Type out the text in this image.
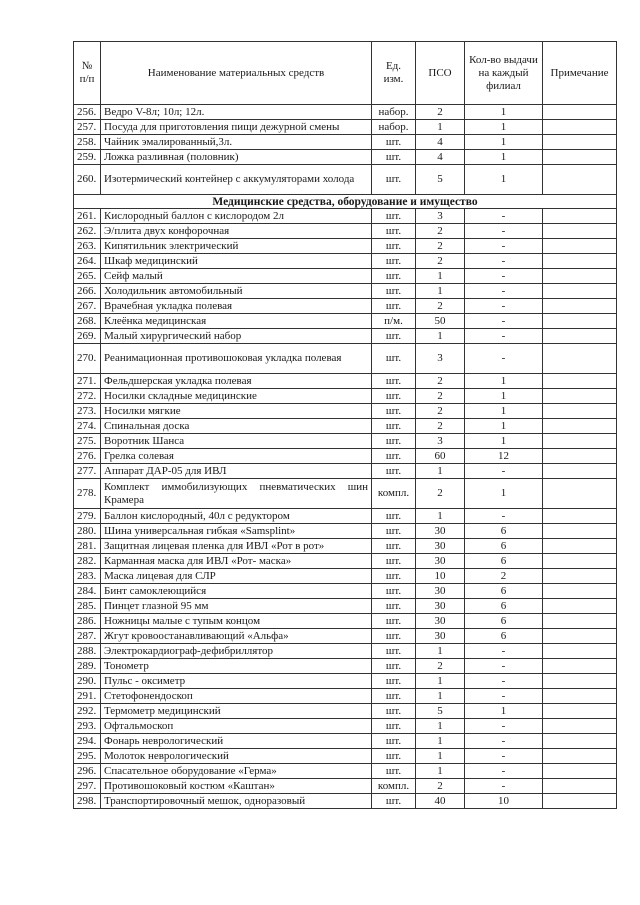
№ п/п	Наименование материальных средств	Ед. изм.	ПСО	Кол-во выдачи на каждый филиал	Примечание
256.	Ведро V-8л; 10л; 12л.	набор.	2	1	
257.	Посуда для приготовления пищи дежурной смены	набор.	1	1	
258.	Чайник эмалированный,3л.	шт.	4	1	
259.	Ложка разливная (половник)	шт.	4	1	
260.	Изотермический контейнер с аккумуляторами холода	шт.	5	1	
Медицинские средства, оборудование и имущество					
261.	Кислородный баллон с кислородом 2л	шт.	3	-	
262.	Э/плита двух конфорочная	шт.	2	-	
263.	Кипятильник электрический	шт.	2	-	
264.	Шкаф медицинский	шт.	2	-	
265.	Сейф малый	шт.	1	-	
266.	Холодильник автомобильный	шт.	1	-	
267.	Врачебная укладка полевая	шт.	2	-	
268.	Клеёнка медицинская	п/м.	50	-	
269.	Малый хирургический набор	шт.	1	-	
270.	Реанимационная противошоковая укладка полевая	шт.	3	-	
271.	Фельдшерская укладка полевая	шт.	2	1	
272.	Носилки складные медицинские	шт.	2	1	
273.	Носилки мягкие	шт.	2	1	
274.	Спинальная доска	шт.	2	1	
275.	Воротник Шанса	шт.	3	1	
276.	Грелка солевая	шт.	60	12	
277.	Аппарат ДАР-05 для ИВЛ	шт.	1	-	
278.	Комплект иммобилизующих пневматических шин Крамера	компл.	2	1	
279.	Баллон кислородный, 40л с редуктором	шт.	1	-	
280.	Шина универсальная гибкая «Samsplint»	шт.	30	6	
281.	Защитная лицевая пленка для ИВЛ «Рот в рот»	шт.	30	6	
282.	Карманная маска для ИВЛ «Рот- маска»	шт.	30	6	
283.	Маска лицевая для СЛР	шт.	10	2	
284.	Бинт самоклеющийся	шт.	30	6	
285.	Пинцет глазной 95 мм	шт.	30	6	
286.	Ножницы малые с тупым концом	шт.	30	6	
287.	Жгут кровоостанавливающий «Альфа»	шт.	30	6	
288.	Электрокардиограф-дефибриллятор	шт.	1	-	
289.	Тонометр	шт.	2	-	
290.	Пульс - оксиметр	шт.	1	-	
291.	Стетофонендоскоп	шт.	1	-	
292.	Термометр медицинский	шт.	5	1	
293.	Офтальмоскоп	шт.	1	-	
294.	Фонарь неврологический	шт.	1	-	
295.	Молоток неврологический	шт.	1	-	
296.	Спасательное оборудование «Герма»	шт.	1	-	
297.	Противошоковый костюм «Каштан»	компл.	2	-	
298.	Транспортировочный мешок, одноразовый	шт.	40	10	
